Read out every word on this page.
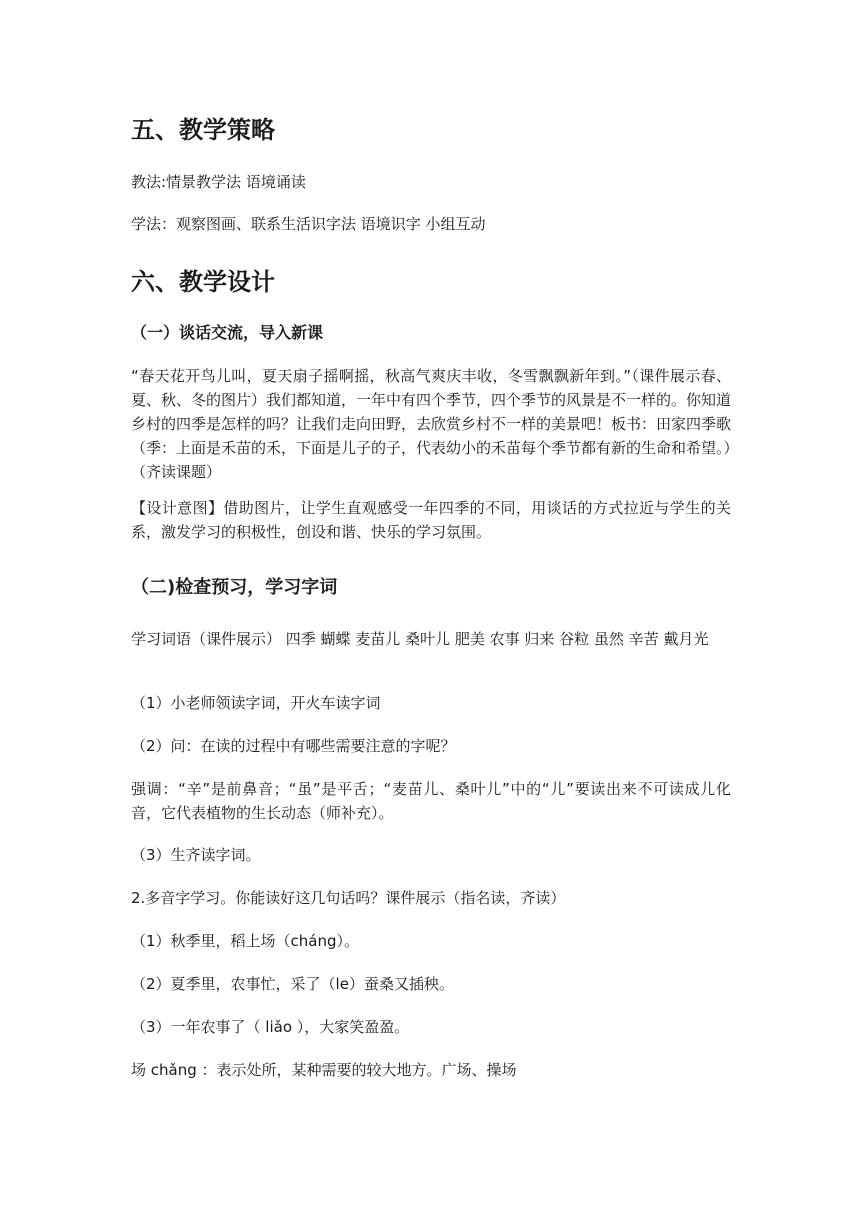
五、教学策略
教法:情景教学法 语境诵读
学法：观察图画、联系生活识字法 语境识字 小组互动
六、教学设计
（一）谈话交流，导入新课
“春天花开鸟儿叫，夏天扇子摇啊摇，秋高气爽庆丰收，冬雪飘飘新年到。”（课件展示春、夏、秋、冬的图片）我们都知道，一年中有四个季节，四个季节的风景是不一样的。你知道乡村的四季是怎样的吗？让我们走向田野，去欣赏乡村不一样的美景吧！板书：田家四季歌（季：上面是禾苗的禾，下面是儿子的子，代表幼小的禾苗每个季节都有新的生命和希望。）（齐读课题）
【设计意图】借助图片，让学生直观感受一年四季的不同，用谈话的方式拉近与学生的关系，激发学习的积极性，创设和谐、快乐的学习氛围。
（二)检查预习，学习字词
学习词语（课件展示） 四季 蝴蝶 麦苗儿 桑叶儿 肥美 农事 归来 谷粒 虽然 辛苦 戴月光
（1）小老师领读字词，开火车读字词
（2）问：在读的过程中有哪些需要注意的字呢？
强调：“辛”是前鼻音；“虽”是平舌；“麦苗儿、桑叶儿”中的“儿”要读出来不可读成儿化音，它代表植物的生长动态（师补充）。
（3）生齐读字词。
2.多音字学习。你能读好这几句话吗？课件展示（指名读，齐读）
（1）秋季里，稻上场（cháng）。
（2）夏季里，农事忙，采了（le）蚕桑又插秧。
（3）一年农事了（ liǎo ），大家笑盈盈。
场 chǎng ：表示处所，某种需要的较大地方。广场、操场
